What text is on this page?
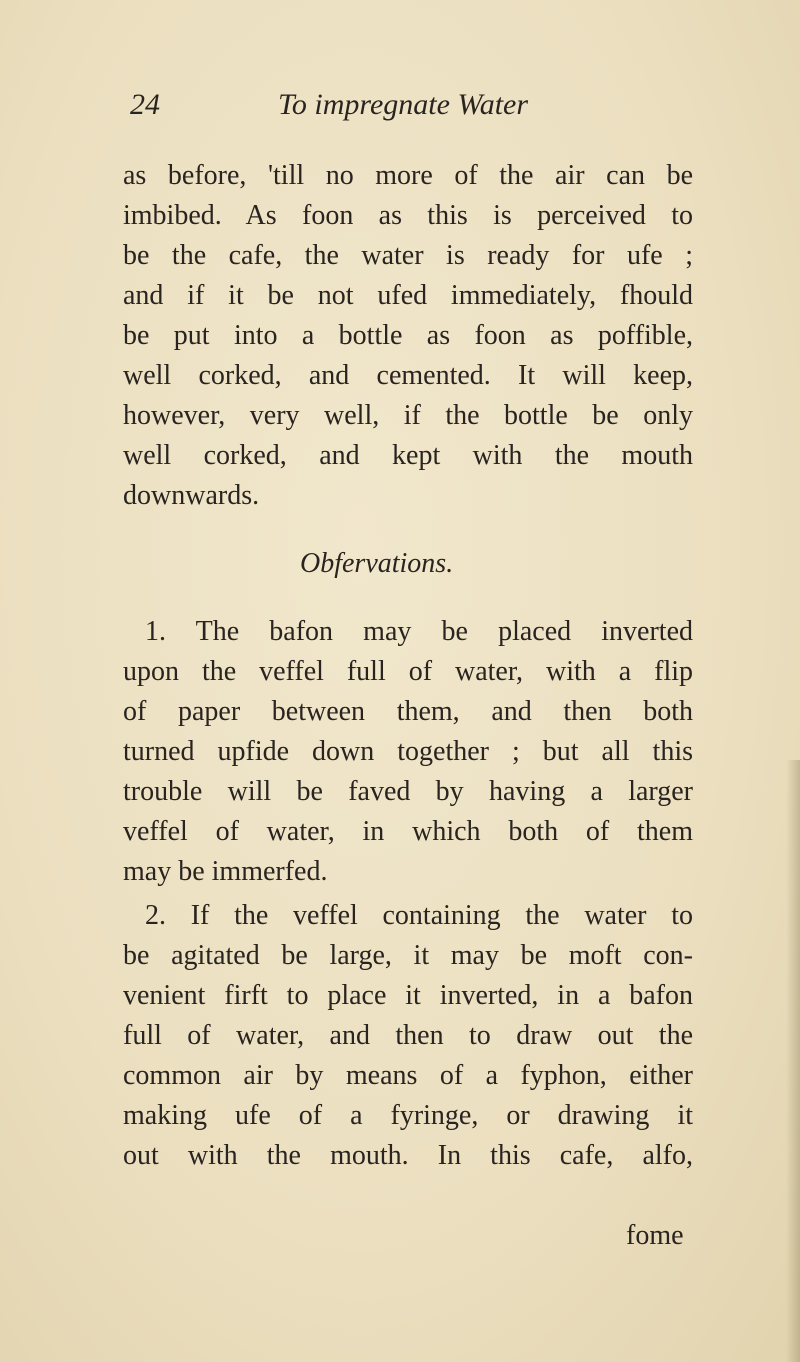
24	To impregnate Water
as before, 'till no more of the air can be
imbibed. As foon as this is perceived to
be the cafe, the water is ready for ufe ;
and if it be not ufed immediately, fhould
be put into a bottle as foon as poffible,
well corked, and cemented. It will keep,
however, very well, if the bottle be only
well corked, and kept with the mouth
downwards.
Obfervations.
1. The bafon may be placed inverted
upon the veffel full of water, with a flip
of paper between them, and then both
turned upfide down together ; but all this
trouble will be faved by having a larger
veffel of water, in which both of them
may be immerfed.
2. If the veffel containing the water to
be agitated be large, it may be moft con-
venient firft to place it inverted, in a bafon
full of water, and then to draw out the
common air by means of a fyphon, either
making ufe of a fyringe, or drawing it
out with the mouth. In this cafe, alfo,
fome
